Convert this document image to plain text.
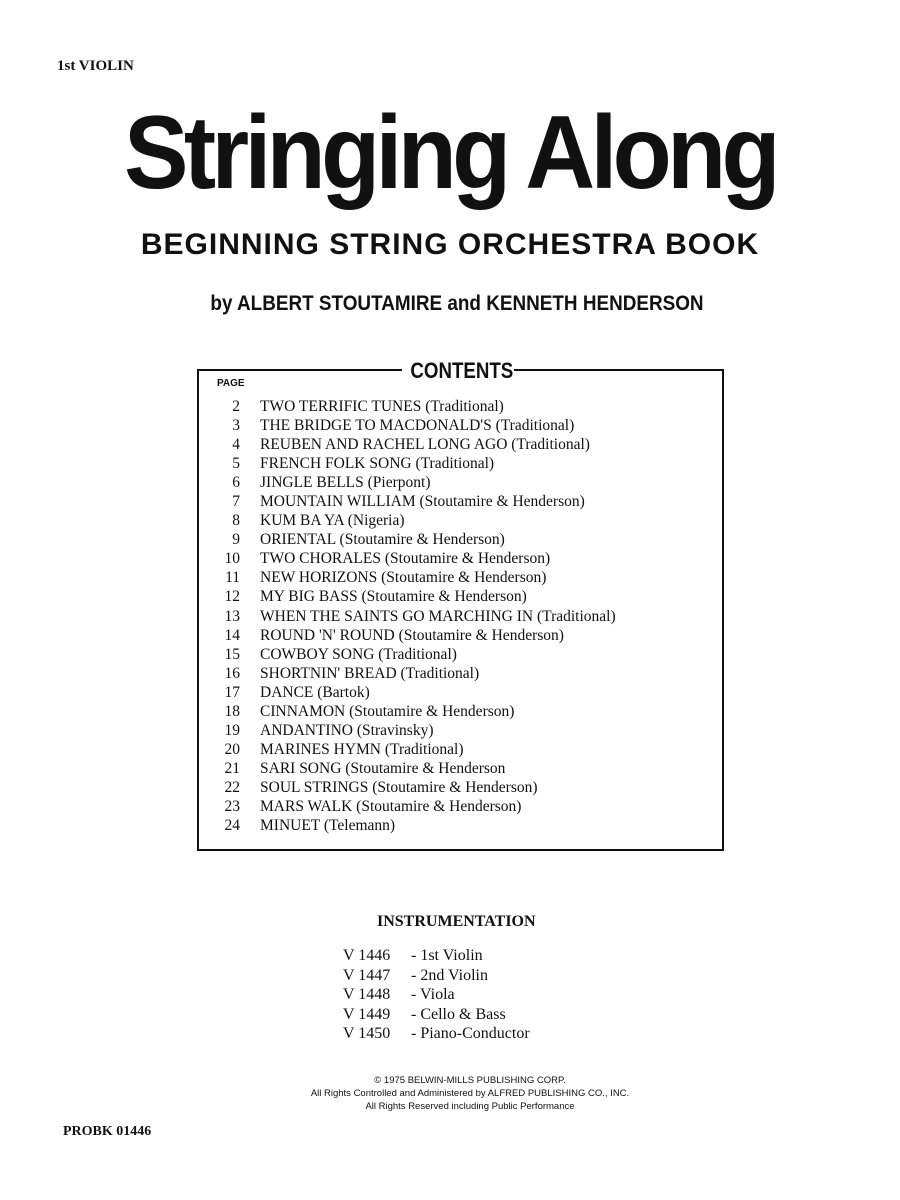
1st VIOLIN
Stringing Along
BEGINNING STRING ORCHESTRA BOOK
by ALBERT STOUTAMIRE and KENNETH HENDERSON
CONTENTS
PAGE
2 TWO TERRIFIC TUNES (Traditional)
3 THE BRIDGE TO MACDONALD'S (Traditional)
4 REUBEN AND RACHEL LONG AGO (Traditional)
5 FRENCH FOLK SONG (Traditional)
6 JINGLE BELLS (Pierpont)
7 MOUNTAIN WILLIAM (Stoutamire & Henderson)
8 KUM BA YA (Nigeria)
9 ORIENTAL (Stoutamire & Henderson)
10 TWO CHORALES (Stoutamire & Henderson)
11 NEW HORIZONS (Stoutamire & Henderson)
12 MY BIG BASS (Stoutamire & Henderson)
13 WHEN THE SAINTS GO MARCHING IN (Traditional)
14 ROUND 'N' ROUND (Stoutamire & Henderson)
15 COWBOY SONG (Traditional)
16 SHORTNIN' BREAD (Traditional)
17 DANCE (Bartok)
18 CINNAMON (Stoutamire & Henderson)
19 ANDANTINO (Stravinsky)
20 MARINES HYMN (Traditional)
21 SARI SONG (Stoutamire & Henderson
22 SOUL STRINGS (Stoutamire & Henderson)
23 MARS WALK (Stoutamire & Henderson)
24 MINUET (Telemann)
INSTRUMENTATION
V 1446 - 1st Violin
V 1447 - 2nd Violin
V 1448 - Viola
V 1449 - Cello & Bass
V 1450 - Piano-Conductor
© 1975 BELWIN-MILLS PUBLISHING CORP.
All Rights Controlled and Administered by ALFRED PUBLISHING CO., INC.
All Rights Reserved including Public Performance
PROBK 01446
